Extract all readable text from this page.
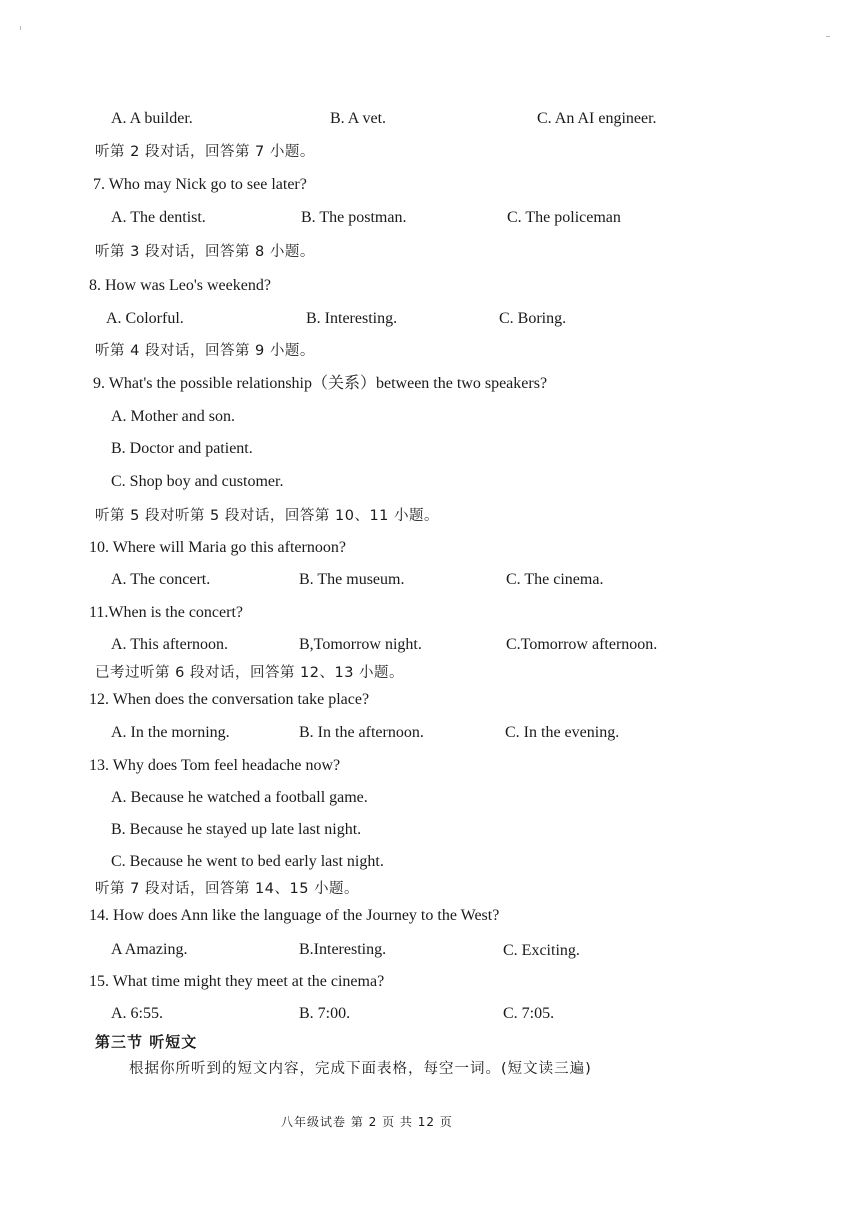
A. A builder.	B. A vet.	C. An AI engineer.
听第 2 段对话，回答第 7 小题。
7. Who may Nick go to see later?
A. The dentist.	B. The postman.	C. The policeman
听第 3 段对话，回答第 8 小题。
8. How was Leo's weekend?
A. Colorful.	B. Interesting.	C. Boring.
听第 4 段对话，回答第 9 小题。
9. What's the possible relationship（关系）between the two speakers?
A. Mother and son.
B. Doctor and patient.
C. Shop boy and customer.
听第 5 段对听第 5 段对话，回答第 10、11 小题。
10. Where will Maria go this afternoon?
A. The concert.	B. The museum.	C. The cinema.
11.When is the concert?
A. This afternoon.	B,Tomorrow night.	C.Tomorrow afternoon.
已考过听第 6 段对话，回答第 12、13 小题。
12. When does the conversation take place?
A. In the morning.	B. In the afternoon.	C. In the evening.
13. Why does Tom feel headache now?
A. Because he watched a football game.
B. Because he stayed up late last night.
C. Because he went to bed early last night.
听第 7 段对话，回答第 14、15 小题。
14. How does Ann like the language of the Journey to the West?
A Amazing.	B.Interesting.	C. Exciting.
15. What time might they meet at the cinema?
A. 6:55.	B. 7:00.	C. 7:05.
第三节 听短文
根据你所听到的短文内容，完成下面表格，每空一词。(短文读三遍)
八年级试卷 第 2 页 共 12 页
